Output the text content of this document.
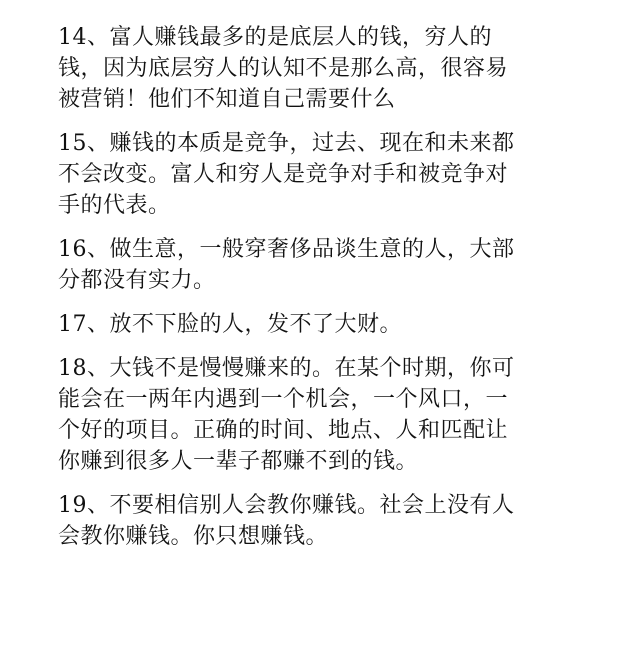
14、富人赚钱最多的是底层人的钱，穷人的
钱，因为底层穷人的认知不是那么高，很容易
被营销！他们不知道自己需要什么
15、赚钱的本质是竞争，过去、现在和未来都
不会改变。富人和穷人是竞争对手和被竞争对
手的代表。
16、做生意，一般穿奢侈品谈生意的人，大部
分都没有实力。
17、放不下脸的人，发不了大财。
18、大钱不是慢慢赚来的。在某个时期，你可
能会在一两年内遇到一个机会，一个风口，一
个好的项目。正确的时间、地点、人和匹配让
你赚到很多人一辈子都赚不到的钱。
19、不要相信别人会教你赚钱。社会上没有人
会教你赚钱。你只想赚钱。
